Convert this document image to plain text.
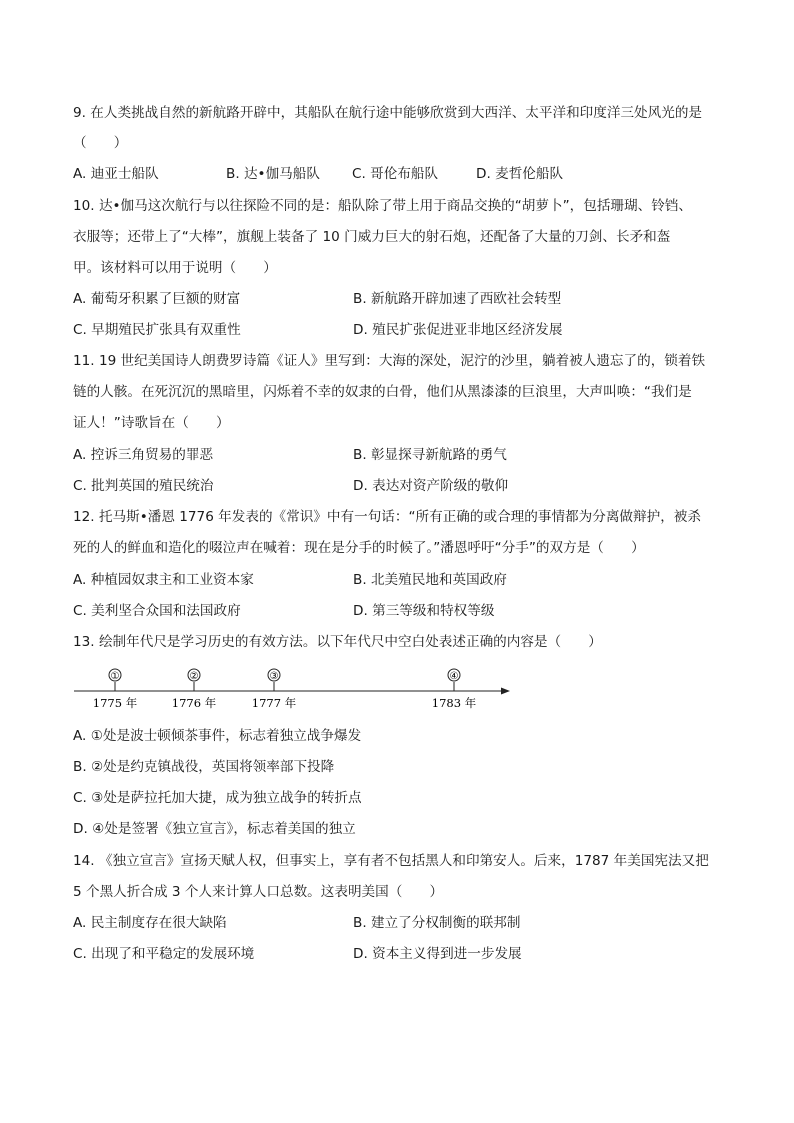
9. 在人类挑战自然的新航路开辟中，其船队在航行途中能够欣赏到大西洋、太平洋和印度洋三处风光的是
（　　）
A. 迪亚士船队	B. 达•伽马船队 C. 哥伦布船队	D. 麦哲伦船队
10. 达•伽马这次航行与以往探险不同的是：船队除了带上用于商品交换的“胡萝卜”，包括珊瑚、铃铛、
衣服等；还带上了“大棒”，旗舰上装备了 10 门威力巨大的射石炮，还配备了大量的刀剑、长矛和盔
甲。该材料可以用于说明（　　）
A. 葡萄牙积累了巨额的财富	B. 新航路开辟加速了西欧社会转型
C. 早期殖民扩张具有双重性	D. 殖民扩张促进亚非地区经济发展
11. 19 世纪美国诗人朗费罗诗篇《证人》里写到：大海的深处，泥泞的沙里，躺着被人遗忘了的，锁着铁
链的人骸。在死沉沉的黑暗里，闪烁着不幸的奴隶的白骨，他们从黑漆漆的巨浪里，大声叫唤：“我们是
证人！”诗歌旨在（　　）
A. 控诉三角贸易的罪恶	B. 彰显探寻新航路的勇气
C. 批判英国的殖民统治	D. 表达对资产阶级的敬仰
12. 托马斯•潘恩 1776 年发表的《常识》中有一句话：“所有正确的或合理的事情都为分离做辩护，被杀
死的人的鲜血和造化的啜泣声在喊着：现在是分手的时候了。”潘恩呼吁“分手”的双方是（　　）
A. 种植园奴隶主和工业资本家	B. 北美殖民地和英国政府
C. 美利坚合众国和法国政府	D. 第三等级和特权等级
13. 绘制年代尺是学习历史的有效方法。以下年代尺中空白处表述正确的内容是（　　）
①
1775 年
②
1776 年
③
1777 年
④
1783 年
A. ①处是波士顿倾茶事件，标志着独立战争爆发
B. ②处是约克镇战役，英国将领率部下投降
C. ③处是萨拉托加大捷，成为独立战争的转折点
D. ④处是签署《独立宣言》，标志着美国的独立
14. 《独立宣言》宣扬天赋人权，但事实上，享有者不包括黑人和印第安人。后来，1787 年美国宪法又把
5 个黑人折合成 3 个人来计算人口总数。这表明美国（　　）
A. 民主制度存在很大缺陷	B. 建立了分权制衡的联邦制
C. 出现了和平稳定的发展环境	D. 资本主义得到进一步发展
